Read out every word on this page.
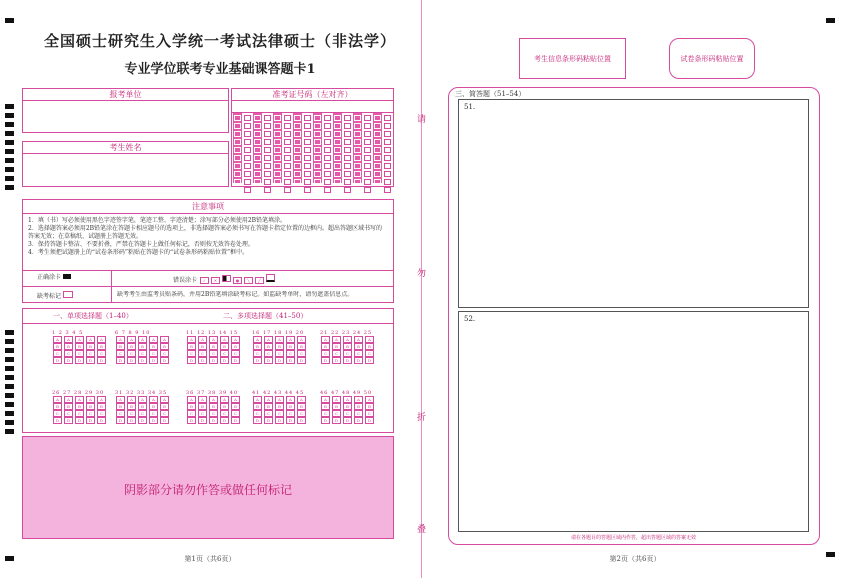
全国硕士研究生入学统一考试法律硕士（非法学）
专业学位联考专业基础课答题卡1
报考单位
考生姓名
准考证号码（左对齐）
注意事项
1．填（书）写必须使用黑色字迹签字笔，笔迹工整、字迹清楚；涂写部分必须使用2B铅笔填涂。
2．选择题答案必须用2B铅笔涂在答题卡相应题号的选项上，非选择题答案必须书写在答题卡指定位置的边框内。超出答题区域书写的答案无效；在草稿纸、试题册上答题无效。
3．保持答题卡整洁、不要折叠，严禁在答题卡上做任何标记，否则按无效答卷处理。
4．考生须把试题册上的“试卷条形码”粘贴在答题卡的“试卷条形码粘贴位置”框中。
正确涂卡	错误涂卡 ✓ ✕	● ╲ ╱
缺考标记	缺考考生由监考员贴条码，并用2B铅笔填涂缺考标记。如监缺考单时，请勿遮盖信息点。
一、单项选择题（1–40）	二、多项选择题（41–50）
1 2 3 4 5
A A A A A
B B B B B
C C C C C
D D D D D
6 7 8 9 10
A A A A A
B B B B B
C C C C C
D D D D D
11 12 13 14 15
A A A A A
B B B B B
C C C C C
D D D D D
16 17 18 19 20
A A A A A
B B B B B
C C C C C
D D D D D
21 22 23 24 25
A A A A A
B B B B B
C C C C C
D D D D D
26 27 28 29 30
A A A A A
B B B B B
C C C C C
D D D D D
31 32 33 34 35
A A A A A
B B B B B
C C C C C
D D D D D
36 37 38 39 40
A A A A A
B B B B B
C C C C C
D D D D D
41 42 43 44 45
A A A A A
B B B B B
C C C C C
D D D D D
46 47 48 49 50
A A A A A
B B B B B
C C C C C
D D D D D
阴影部分请勿作答或做任何标记
第1页（共6页）
请
勿
折
叠
考生信息条形码粘贴位置	试卷条形码粘贴位置
三、简答题（51–54）
51.
52.
请在各题目的答题区域内作答，超出答题区域的答案无效
第2页（共6页）
